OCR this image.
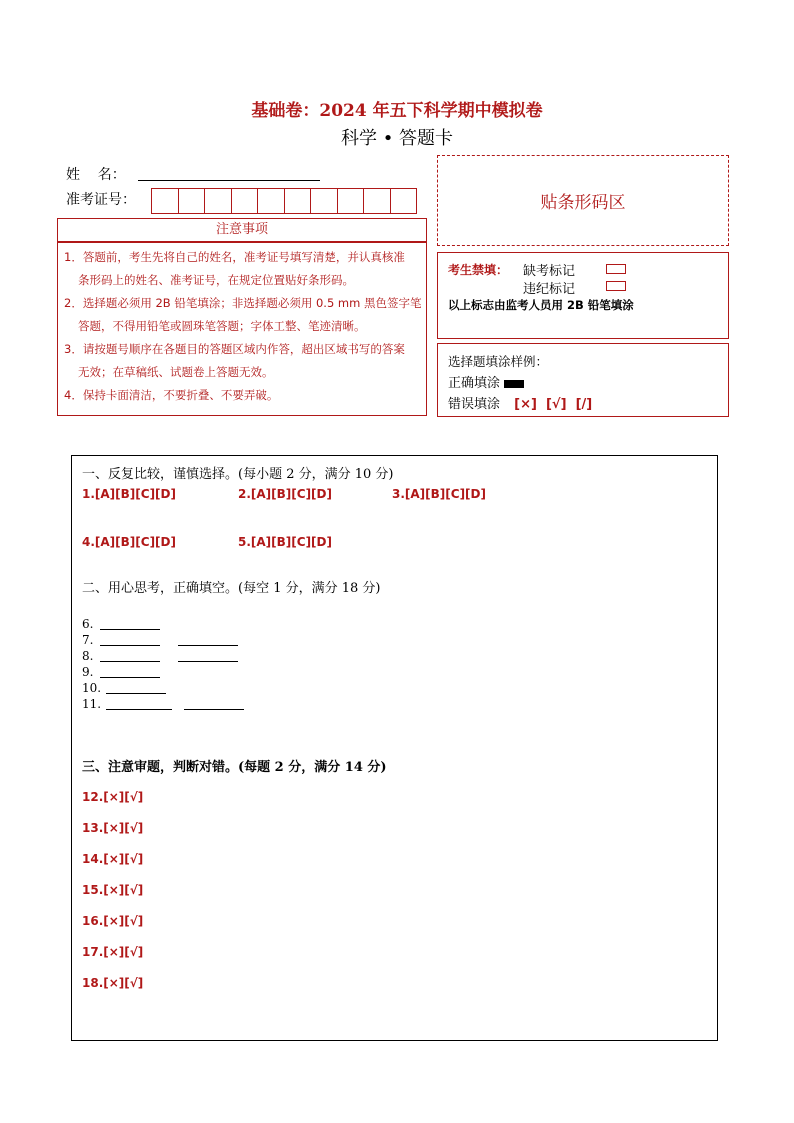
基础卷：2024 年五下科学期中模拟卷
科学 • 答题卡
姓    名：
准考证号：
注意事项
1．答题前，考生先将自己的姓名，准考证号填写清楚，并认真核准
条形码上的姓名、准考证号，在规定位置贴好条形码。
2．选择题必须用 2B 铅笔填涂；非选择题必须用 0.5 mm 黑色签字笔
答题，不得用铅笔或圆珠笔答题；字体工整、笔迹清晰。
3．请按题号顺序在各题目的答题区域内作答，超出区域书写的答案
无效；在草稿纸、试题卷上答题无效。
4．保持卡面清洁，不要折叠、不要弄破。
贴条形码区
考生禁填： 缺考标记
违纪标记
以上标志由监考人员用 2B 铅笔填涂
选择题填涂样例：
正确填涂
错误填涂 [×]  [√]  [/]
一、反复比较，谨慎选择。(每小题 2 分，满分 10 分)
1.[A][B][C][D]	2.[A][B][C][D]	3.[A][B][C][D]
4.[A][B][C][D]	5.[A][B][C][D]
二、用心思考，正确填空。(每空 1 分，满分 18 分)
6.
7.
8.
9.
10.
11.
三、注意审题，判断对错。(每题 2 分，满分 14 分)
12.[×][√]
13.[×][√]
14.[×][√]
15.[×][√]
16.[×][√]
17.[×][√]
18.[×][√]
